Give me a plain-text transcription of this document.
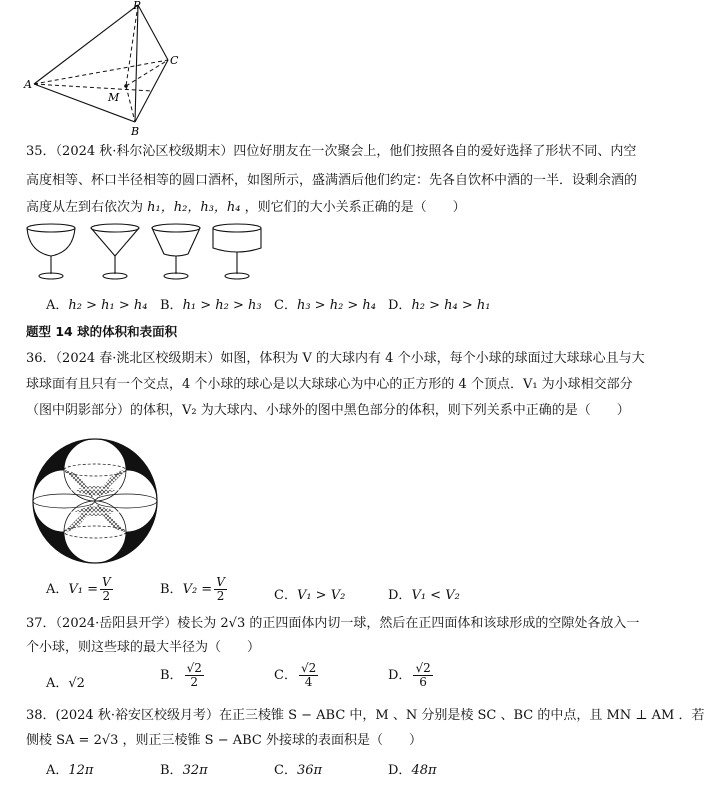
P
A
C
M
B
35．（2024 秋·科尔沁区校级期末）四位好朋友在一次聚会上，他们按照各自的爱好选择了形状不同、内空
高度相等、杯口半径相等的圆口酒杯，如图所示，盛满酒后他们约定：先各自饮杯中酒的一半．设剩余酒的
高度从左到右依次为 h₁，h₂，h₃，h₄ ，则它们的大小关系正确的是（　　）
A．h₂ > h₁ > h₄ B．h₁ > h₂ > h₃ C．h₃ > h₂ > h₄ D．h₂ > h₄ > h₁
题型 14 球的体积和表面积
36．（2024 春·洮北区校级期末）如图，体积为 V 的大球内有 4 个小球，每个小球的球面过大球球心且与大
球球面有且只有一个交点，4 个小球的球心是以大球球心为中心的正方形的 4 个顶点．V₁ 为小球相交部分
（图中阴影部分）的体积，V₂ 为大球内、小球外的图中黑色部分的体积，则下列关系中正确的是（　　）
A．$V_1 = \frac{V}{2}$	B．$V_2 = \frac{V}{2}$	C．V₁ > V₂	D．V₁ < V₂
37．（2024·岳阳县开学）棱长为 2√3 的正四面体内切一球，然后在正四面体和该球形成的空隙处各放入一
个小球，则这些球的最大半径为（　　）
A．√2
B． $\frac{√2}{2}$	C． $\frac{√2}{4}$	D． $\frac{√2}{6}$
38．(2024 秋·裕安区校级月考）在正三棱锥 S − ABC 中，M 、N 分别是棱 SC 、BC 的中点，且 MN ⊥ AM ．若
侧棱 SA = 2√3 ，则正三棱锥 S − ABC 外接球的表面积是（　　）
A．12π	B．32π	C．36π	D．48π
